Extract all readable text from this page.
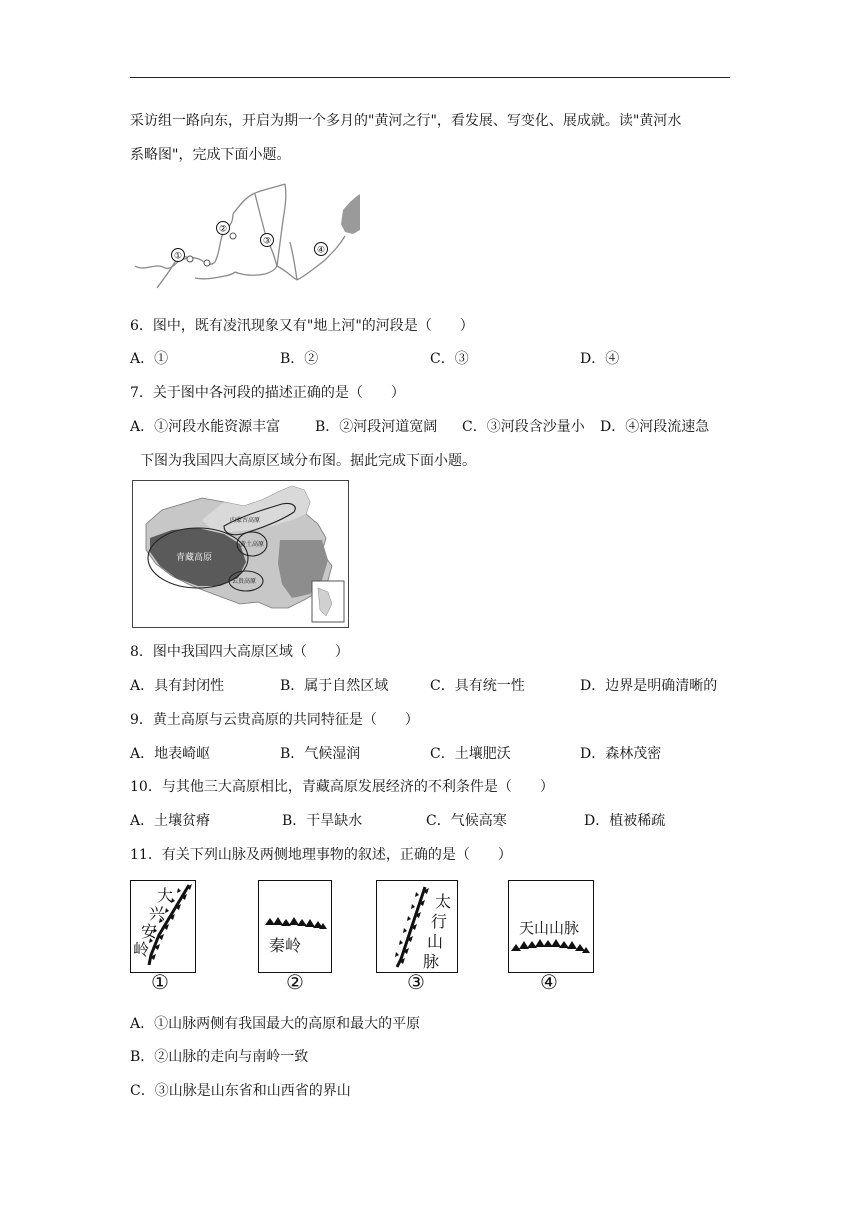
采访组一路向东，开启为期一个多月的"黄河之行"，看发展、写变化、展成就。读"黄河水
系略图"，完成下面小题。
①
②
③
④
6．图中，既有凌汛现象又有"地上河"的河段是（　　）
A．①	B．②	C．③	D．④
7．关于图中各河段的描述正确的是（　　）
A．①河段水能资源丰富 B．②河段河道宽阔 C．③河段含沙量小 D．④河段流速急
下图为我国四大高原区域分布图。据此完成下面小题。
青藏高原
内蒙古高原
黄土高原
云贵高原
8．图中我国四大高原区域（　　）
A．具有封闭性	B．属于自然区域	C．具有统一性	D．边界是明确清晰的
9．黄土高原与云贵高原的共同特征是（　　）
A．地表崎岖	B．气候湿润	C．土壤肥沃	D．森林茂密
10．与其他三大高原相比，青藏高原发展经济的不利条件是（　　）
A．土壤贫瘠	B．干旱缺水	C．气候高寒	D．植被稀疏
11．有关下列山脉及两侧地理事物的叙述，正确的是（　　）
大
兴
安
岭	秦岭
太
行
山
脉
天山山脉
①	②	③	④
A．①山脉两侧有我国最大的高原和最大的平原
B．②山脉的走向与南岭一致
C．③山脉是山东省和山西省的界山
